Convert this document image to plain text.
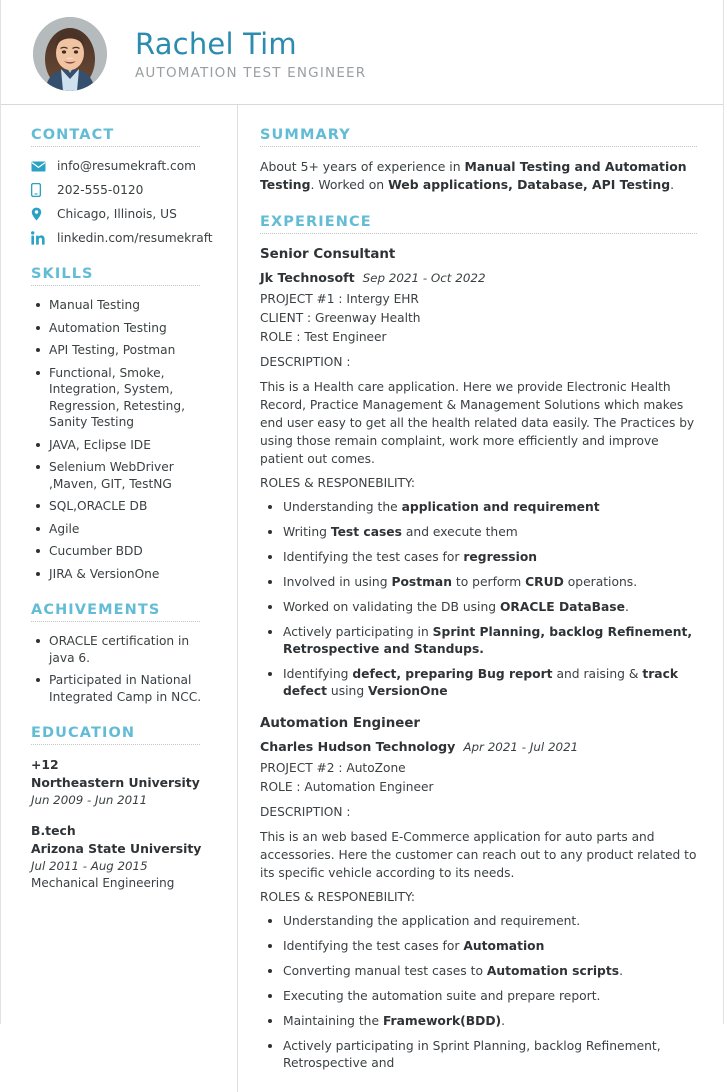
Rachel Tim
AUTOMATION TEST ENGINEER
CONTACT
info@resumekraft.com
202-555-0120
Chicago, Illinois, US
linkedin.com/resumekraft
SKILLS
Manual Testing
Automation Testing
API Testing, Postman
Functional, Smoke, Integration, System, Regression, Retesting, Sanity Testing
JAVA, Eclipse IDE
Selenium WebDriver ,Maven, GIT, TestNG
SQL,ORACLE DB
Agile
Cucumber BDD
JIRA & VersionOne
ACHIVEMENTS
ORACLE certification in java 6.
Participated in National Integrated Camp in NCC.
EDUCATION
+12
Northeastern University
Jun 2009 - Jun 2011
B.tech
Arizona State University
Jul 2011 - Aug 2015
Mechanical Engineering
SUMMARY

About 5+ years of experience in Manual Testing and Automation Testing. Worked on Web applications, Database, API Testing.

EXPERIENCE
Senior Consultant
Jk Technosoft Sep 2021 - Oct 2022
PROJECT #1 : Intergy EHR
CLIENT : Greenway Health
ROLE : Test Engineer
DESCRIPTION :

This is a Health care application. Here we provide Electronic Health Record, Practice Management & Management Solutions which makes end user easy to get all the health related data easily. The Practices by using those remain complaint, work more efficiently and improve patient out comes.

ROLES & RESPONEBILITY:
Understanding the application and requirement
Writing Test cases and execute them
Identifying the test cases for regression
Involved in using Postman to perform CRUD operations.
Worked on validating the DB using ORACLE DataBase.
Actively participating in Sprint Planning, backlog Refinement, Retrospective and Standups.
Identifying defect, preparing Bug report and raising & track defect using VersionOne
Automation Engineer
Charles Hudson Technology Apr 2021 - Jul 2021
PROJECT #2 : AutoZone
ROLE : Automation Engineer
DESCRIPTION :

This is an web based E-Commerce application for auto parts and accessories. Here the customer can reach out to any product related to its specific vehicle according to its needs.

ROLES & RESPONEBILITY:
Understanding the application and requirement.
Identifying the test cases for Automation
Converting manual test cases to Automation scripts.
Executing the automation suite and prepare report.
Maintaining the Framework(BDD).
Actively participating in Sprint Planning, backlog Refinement, Retrospective and
